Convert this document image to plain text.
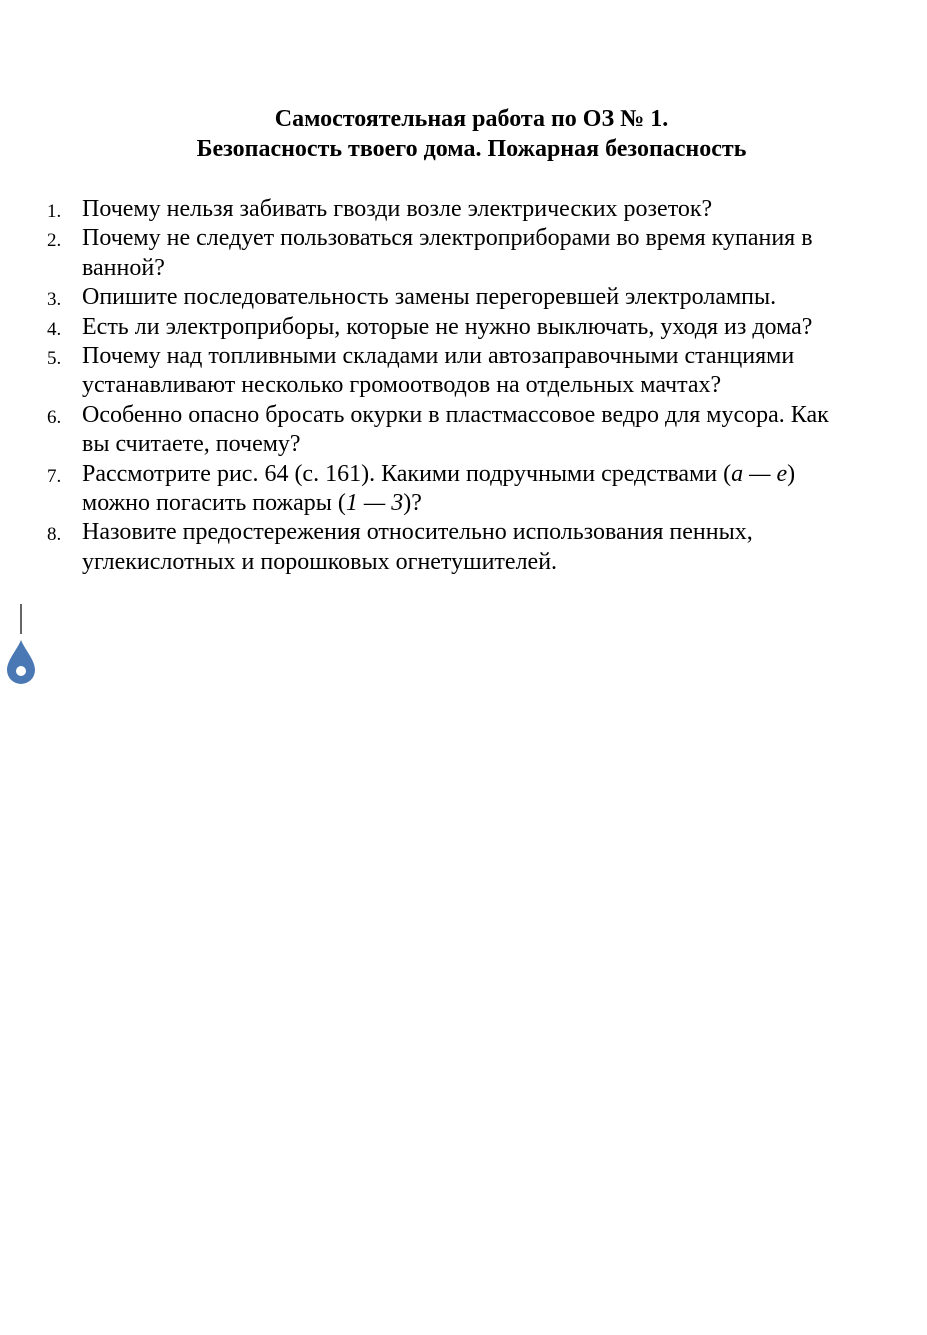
Самостоятельная работа по ОЗ № 1.
Безопасность твоего дома. Пожарная безопасность
1. Почему нельзя забивать гвозди возле электрических розеток?
2. Почему не следует пользоваться электроприборами во время купания в
ванной?
3. Опишите последовательность замены перегоревшей электролампы.
4. Есть ли электроприборы, которые не нужно выключать, уходя из дома?
5. Почему над топливными складами или автозаправочными станциями
устанавливают несколько громоотводов на отдельных мачтах?
6. Особенно опасно бросать окурки в пластмассовое ведро для мусора. Как
вы считаете, почему?
7. Рассмотрите рис. 64 (с. 161). Какими подручными средствами (а — е)
можно погасить пожары (1 — 3)?
8. Назовите предостережения относительно использования пенных,
углекислотных и порошковых огнетушителей.
